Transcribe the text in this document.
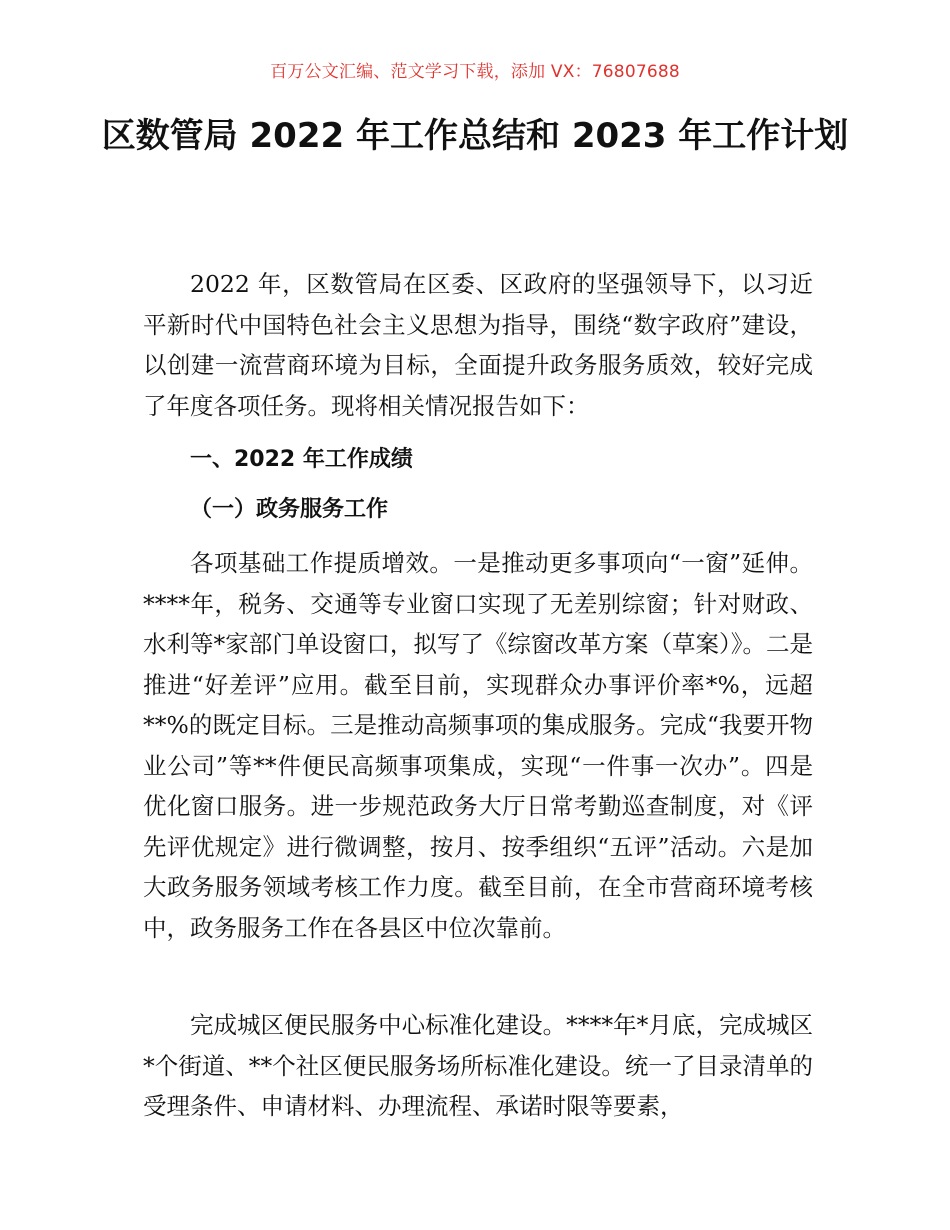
百万公文汇编、范文学习下载，添加 VX：76807688
区数管局 2022 年工作总结和 2023 年工作计划

2022 年，区数管局在区委、区政府的坚强领导下，以习近平新时代中国特色社会主义思想为指导，围绕“数字政府”建设，以创建一流营商环境为目标，全面提升政务服务质效，较好完成了年度各项任务。现将相关情况报告如下：

一、2022 年工作成绩
（一）政务服务工作

各项基础工作提质增效。一是推动更多事项向“一窗”延伸。****年，税务、交通等专业窗口实现了无差别综窗；针对财政、水利等*家部门单设窗口，拟写了《综窗改革方案（草案）》。二是推进“好差评”应用。截至目前，实现群众办事评价率*%，远超**%的既定目标。三是推动高频事项的集成服务。完成“我要开物业公司”等**件便民高频事项集成，实现“一件事一次办”。四是优化窗口服务。进一步规范政务大厅日常考勤巡查制度，对《评先评优规定》进行微调整，按月、按季组织“五评”活动。六是加大政务服务领域考核工作力度。截至目前，在全市营商环境考核中，政务服务工作在各县区中位次靠前。

完成城区便民服务中心标准化建设。****年*月底，完成城区*个街道、**个社区便民服务场所标准化建设。统一了目录清单的受理条件、申请材料、办理流程、承诺时限等要素，
